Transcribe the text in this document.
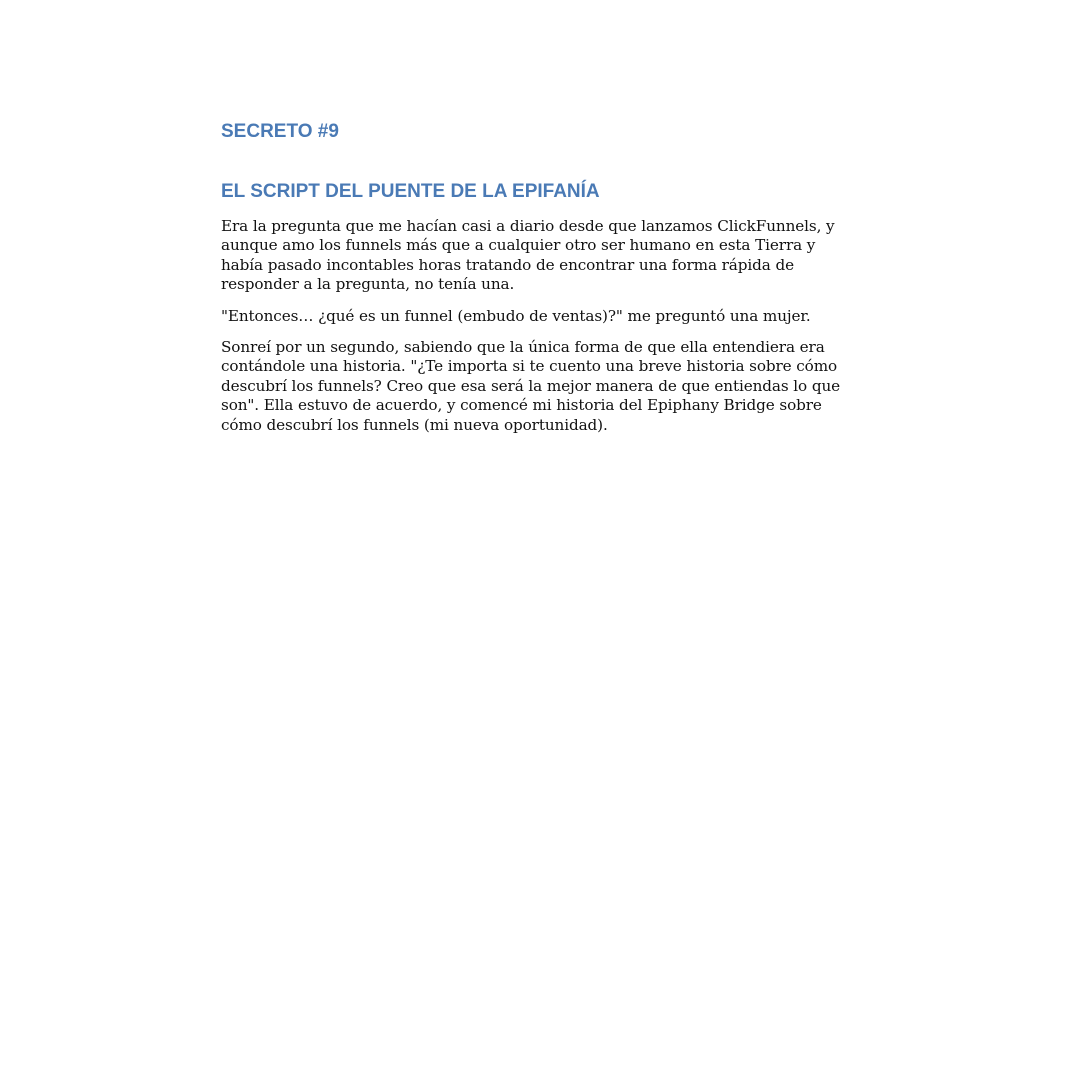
SECRETO #9
EL SCRIPT DEL PUENTE DE LA EPIFANÍA

Era la pregunta que me hacían casi a diario desde que lanzamos ClickFunnels, y aunque amo los funnels más que a cualquier otro ser humano en esta Tierra y había pasado incontables horas tratando de encontrar una forma rápida de responder a la pregunta, no tenía una.

"Entonces… ¿qué es un funnel (embudo de ventas)?" me preguntó una mujer.

Sonreí por un segundo, sabiendo que la única forma de que ella entendiera era contándole una historia. "¿Te importa si te cuento una breve historia sobre cómo descubrí los funnels? Creo que esa será la mejor manera de que entiendas lo que son". Ella estuvo de acuerdo, y comencé mi historia del Epiphany Bridge sobre cómo descubrí los funnels (mi nueva oportunidad).
